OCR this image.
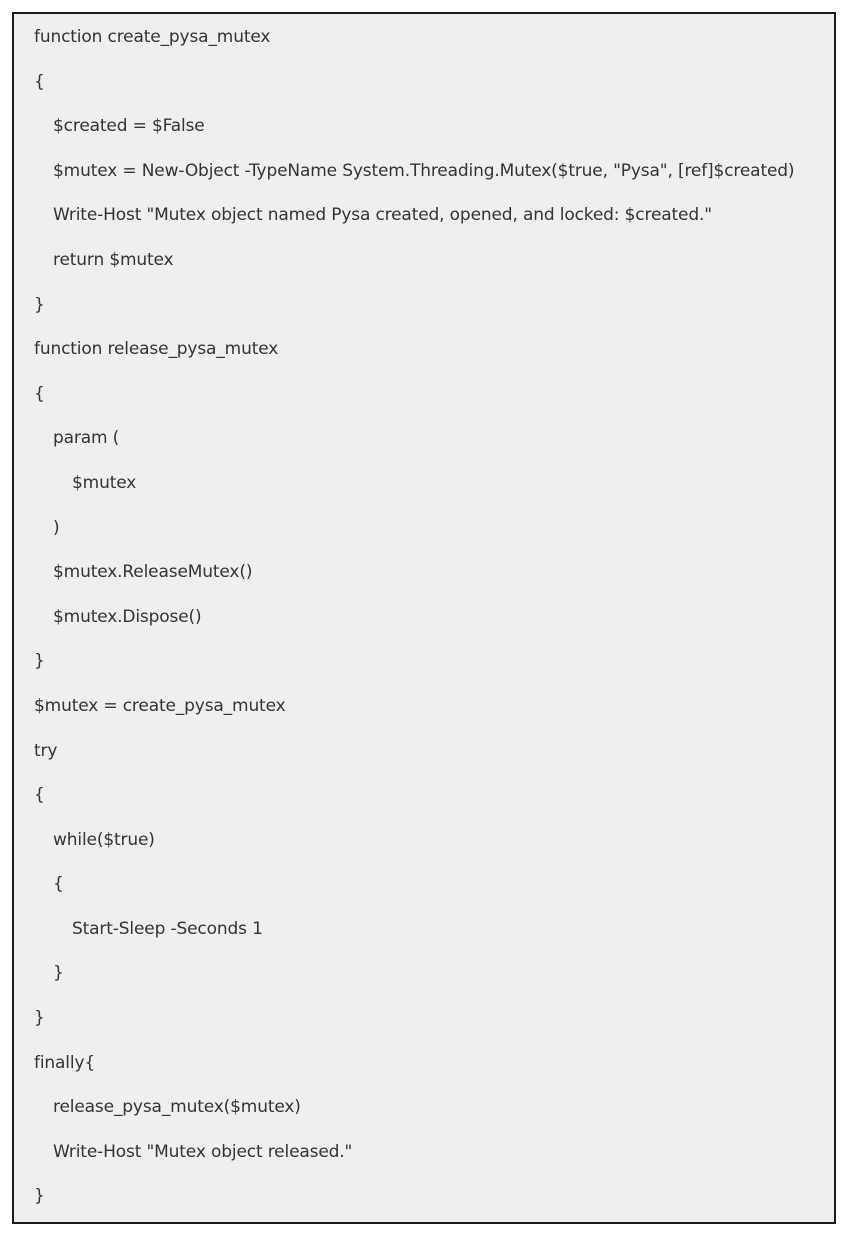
function create_pysa_mutex
{
$created = $False
$mutex = New-Object -TypeName System.Threading.Mutex($true, "Pysa", [ref]$created)
Write-Host "Mutex object named Pysa created, opened, and locked: $created."
return $mutex
}
function release_pysa_mutex
{
param (
$mutex
)
$mutex.ReleaseMutex()
$mutex.Dispose()
}
$mutex = create_pysa_mutex
try
{
while($true)
{
Start-Sleep -Seconds 1
}
}
finally{
release_pysa_mutex($mutex)
Write-Host "Mutex object released."
}
